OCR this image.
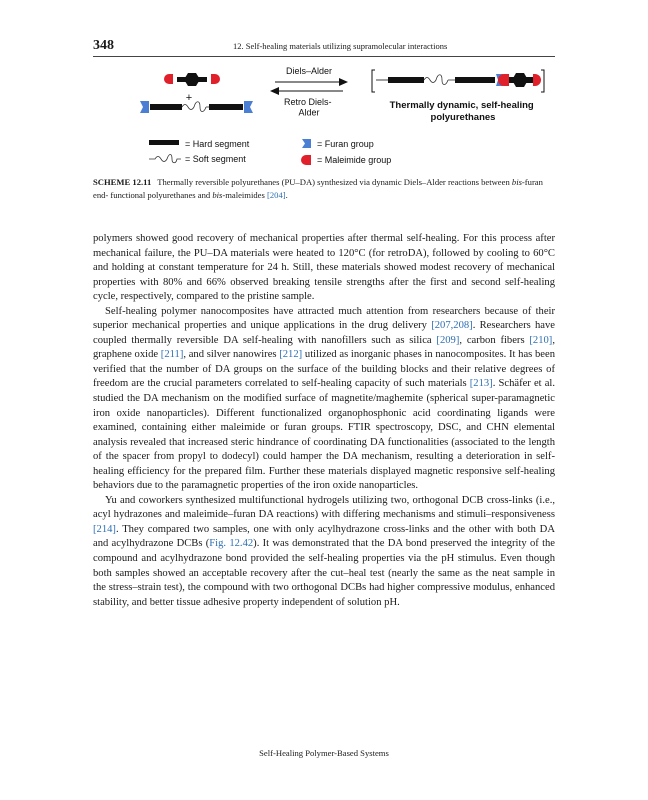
348	12. Self-healing materials utilizing supramolecular interactions
+
Diels–Alder
Retro Diels- Alder
Thermally dynamic, self-healing polyurethanes
= Hard segment
= Soft segment
= Furan group
= Maleimide group
SCHEME 12.11 Thermally reversible polyurethanes (PU–DA) synthesized via dynamic Diels–Alder reactions between bis-furan end- functional polyurethanes and bis-maleimides [204].

polymers showed good recovery of mechanical properties after thermal self-healing. For this process after mechanical failure, the PU–DA materials were heated to 120°C (for retroDA), followed by cooling to 60°C and holding at constant temperature for 24 h. Still, these materials showed modest recovery of mechanical properties with 80% and 66% observed breaking tensile strengths after the first and second self-healing cycle, respectively, compared to the pristine sample.

Self-healing polymer nanocomposites have attracted much attention from researchers because of their superior mechanical properties and unique applications in the drug delivery [207,208]. Researchers have coupled thermally reversible DA self-healing with nanofillers such as silica [209], carbon fibers [210], graphene oxide [211], and silver nanowires [212] utilized as inorganic phases in nanocomposites. It has been verified that the number of DA groups on the surface of the building blocks and their relative degrees of freedom are the crucial parameters correlated to self-healing capacity of such materials [213]. Schäfer et al. studied the DA mechanism on the modified surface of magnetite/maghemite (spherical super-paramagnetic iron oxide nanoparticles). Different functionalized organophosphonic acid coordinating ligands were examined, containing either maleimide or furan groups. FTIR spectroscopy, DSC, and CHN elemental analysis revealed that increased steric hindrance of coordinating DA functionalities (associated to the length of the spacer from propyl to dodecyl) could hamper the DA mechanism, resulting a deterioration in self-healing efficiency for the prepared film. Further these materials displayed magnetic responsive self-healing behaviors due to the paramagnetic properties of the iron oxide nanoparticles.

Yu and coworkers synthesized multifunctional hydrogels utilizing two, orthogonal DCB cross-links (i.e., acyl hydrazones and maleimide–furan DA reactions) with differing mechanisms and stimuli–responsiveness [214]. They compared two samples, one with only acylhydrazone cross-links and the other with both DA and acylhydrazone DCBs (Fig. 12.42). It was demonstrated that the DA bond preserved the integrity of the compound and acylhydrazone bond provided the self-healing properties via the pH stimulus. Even though both samples showed an acceptable recovery after the cut–heal test (nearly the same as the neat sample in the stress–strain test), the compound with two orthogonal DCBs had higher compressive modulus, enhanced stability, and better tissue adhesive property independent of solution pH.

Self-Healing Polymer-Based Systems
